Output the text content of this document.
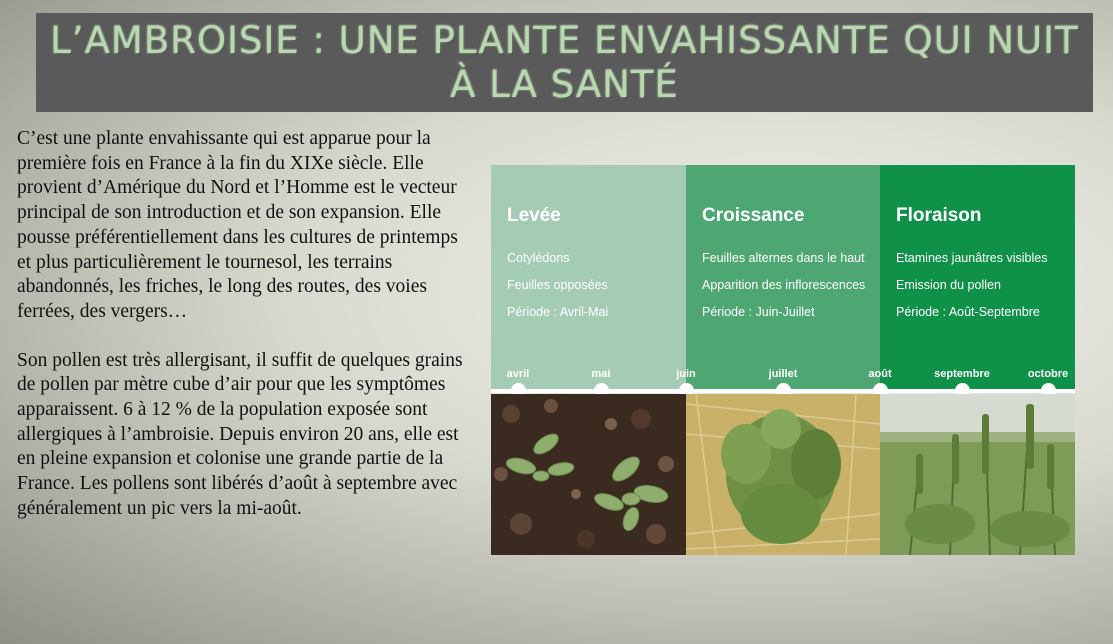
L’AMBROISIE : UNE PLANTE ENVAHISSANTE QUI NUIT
À LA SANTÉ

C’est une plante envahissante qui est apparue pour la première fois en France à la fin du XIXe siècle. Elle provient d’Amérique du Nord et l’Homme est le vecteur principal de son introduction et de son expansion. Elle pousse préférentiellement dans les cultures de printemps et plus particulièrement le tournesol, les terrains abandonnés, les friches, le long des routes, des voies ferrées, des vergers…

Son pollen est très allergisant, il suffit de quelques grains de pollen par mètre cube d’air pour que les symptômes apparaissent. 6 à 12 % de la population exposée sont allergiques à l’ambroisie. Depuis environ 20 ans, elle est en pleine expansion et colonise une grande partie de la France. Les pollens sont libérés d’août à septembre avec généralement un pic vers la mi-août.

Levée
Cotylédons
Feuilles opposées
Période : Avril-Mai
Croissance
Feuilles alternes dans le haut
Apparition des inflorescences
Période : Juin-Juillet
Floraison
Etamines jaunâtres visibles
Emission du pollen
Période : Août-Septembre
avril	mai	juin	juillet	août	septembre	octobre
